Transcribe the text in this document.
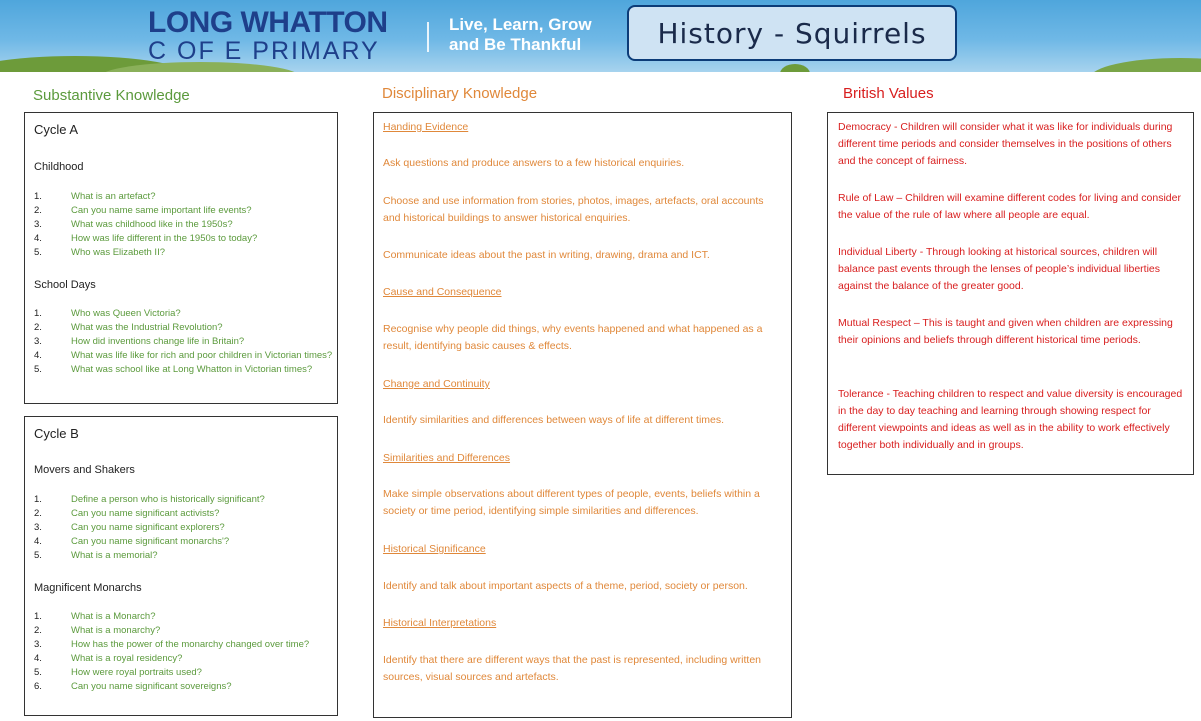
LONG WHATTON
C OF E PRIMARY
Live, Learn, Grow
and Be Thankful	History - Squirrels
Substantive Knowledge	Disciplinary Knowledge	British Values
Cycle A
Childhood
1.	What is an artefact?
2.	Can you name same important life events?
3.	What was childhood like in the 1950s?
4.	How was life different in the 1950s to today?
5.	Who was Elizabeth II?
School Days
1.	Who was Queen Victoria?
2.	What was the Industrial Revolution?
3.	How did inventions change life in Britain?
4.	What was life like for rich and poor children in Victorian times?
5.	What was school like at Long Whatton in Victorian times?
Cycle B
Movers and Shakers
1.	Define a person who is historically significant?
2.	Can you name significant activists?
3.	Can you name significant explorers?
4.	Can you name significant monarchs'?
5.	What is a memorial?
Magnificent Monarchs
1.	What is a Monarch?
2.	What is a monarchy?
3.	How has the power of the monarchy changed over time?
4.	What is a royal residency?
5.	How were royal portraits used?
6.	Can you name significant sovereigns?
Handing Evidence
Ask questions and produce answers to a few historical enquiries.
Choose and use information from stories, photos, images, artefacts, oral accounts and historical buildings to answer historical enquiries.
Communicate ideas about the past in writing, drawing, drama and ICT.
Cause and Consequence
Recognise why people did things, why events happened and what happened as a result, identifying basic causes & effects.
Change and Continuity
Identify similarities and differences between ways of life at different times.
Similarities and Differences
Make simple observations about different types of people, events, beliefs within a society or time period, identifying simple similarities and differences.
Historical Significance
Identify and talk about important aspects of a theme, period, society or person.
Historical Interpretations
Identify that there are different ways that the past is represented, including written sources, visual sources and artefacts.
Democracy - Children will consider what it was like for individuals during different time periods and consider themselves in the positions of others and the concept of fairness.
Rule of Law – Children will examine different codes for living and consider the value of the rule of law where all people are equal.
Individual Liberty - Through looking at historical sources, children will balance past events through the lenses of people’s individual liberties against the balance of the greater good.
Mutual Respect – This is taught and given when children are expressing their opinions and beliefs through different historical time periods.
Tolerance - Teaching children to respect and value diversity is encouraged in the day to day teaching and learning through showing respect for different viewpoints and ideas as well as in the ability to work effectively together both individually and in groups.
